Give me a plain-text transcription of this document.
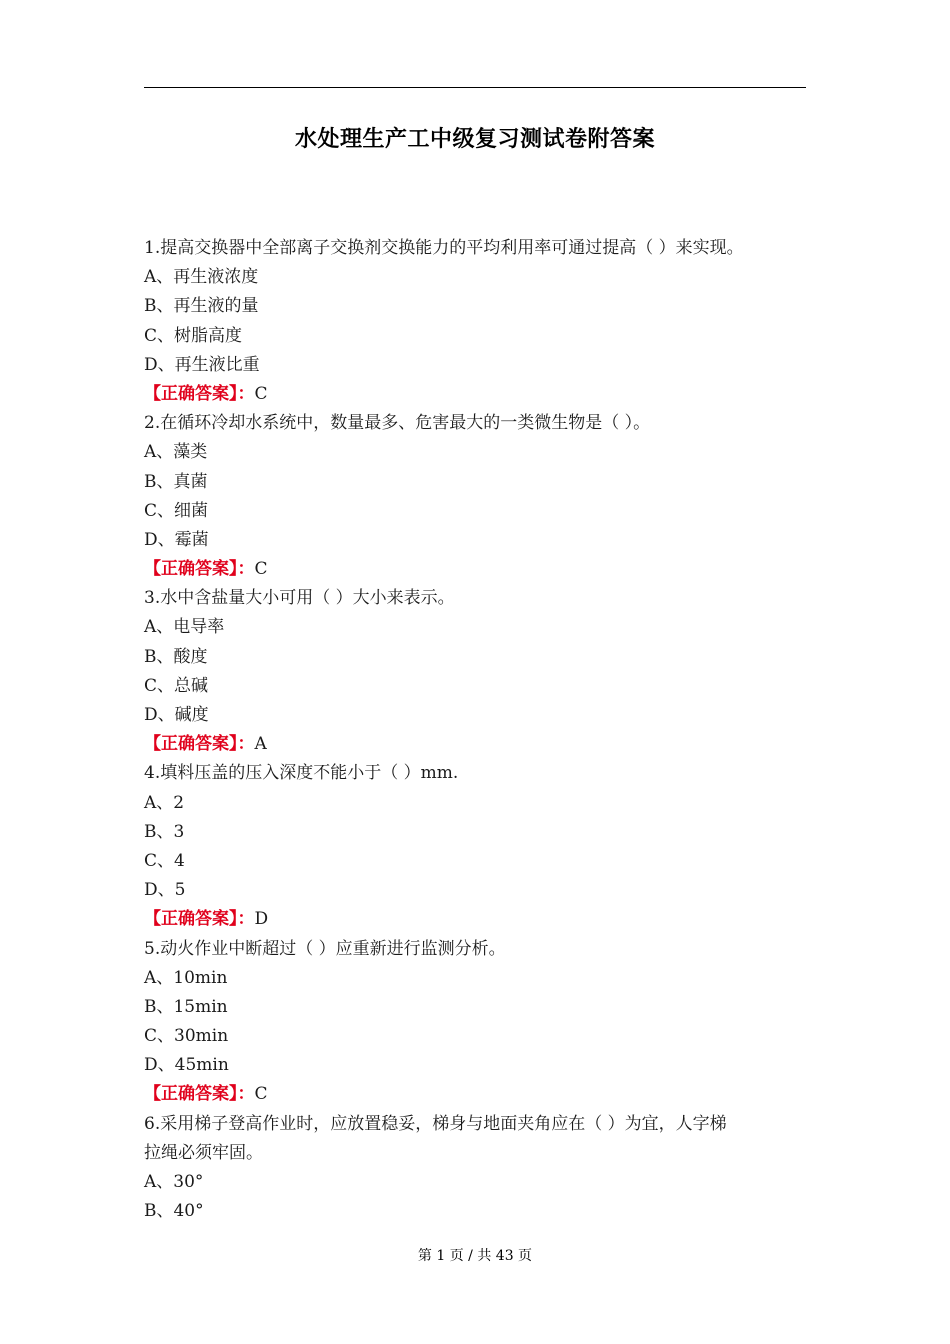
水处理生产工中级复习测试卷附答案
1.提高交换器中全部离子交换剂交换能力的平均利用率可通过提高（ ）来实现。
A、再生液浓度
B、再生液的量
C、树脂高度
D、再生液比重
【正确答案】：C
2.在循环冷却水系统中，数量最多、危害最大的一类微生物是（ ）。
A、藻类
B、真菌
C、细菌
D、霉菌
【正确答案】：C
3.水中含盐量大小可用（ ）大小来表示。
A、电导率
B、酸度
C、总碱
D、碱度
【正确答案】：A
4.填料压盖的压入深度不能小于（ ）mm.
A、2
B、3
C、4
D、5
【正确答案】：D
5.动火作业中断超过（ ）应重新进行监测分析。
A、10min
B、15min
C、30min
D、45min
【正确答案】：C
6.采用梯子登高作业时，应放置稳妥，梯身与地面夹角应在（ ）为宜，人字梯
拉绳必须牢固。
A、30°
B、40°
第 1 页 / 共 43 页
